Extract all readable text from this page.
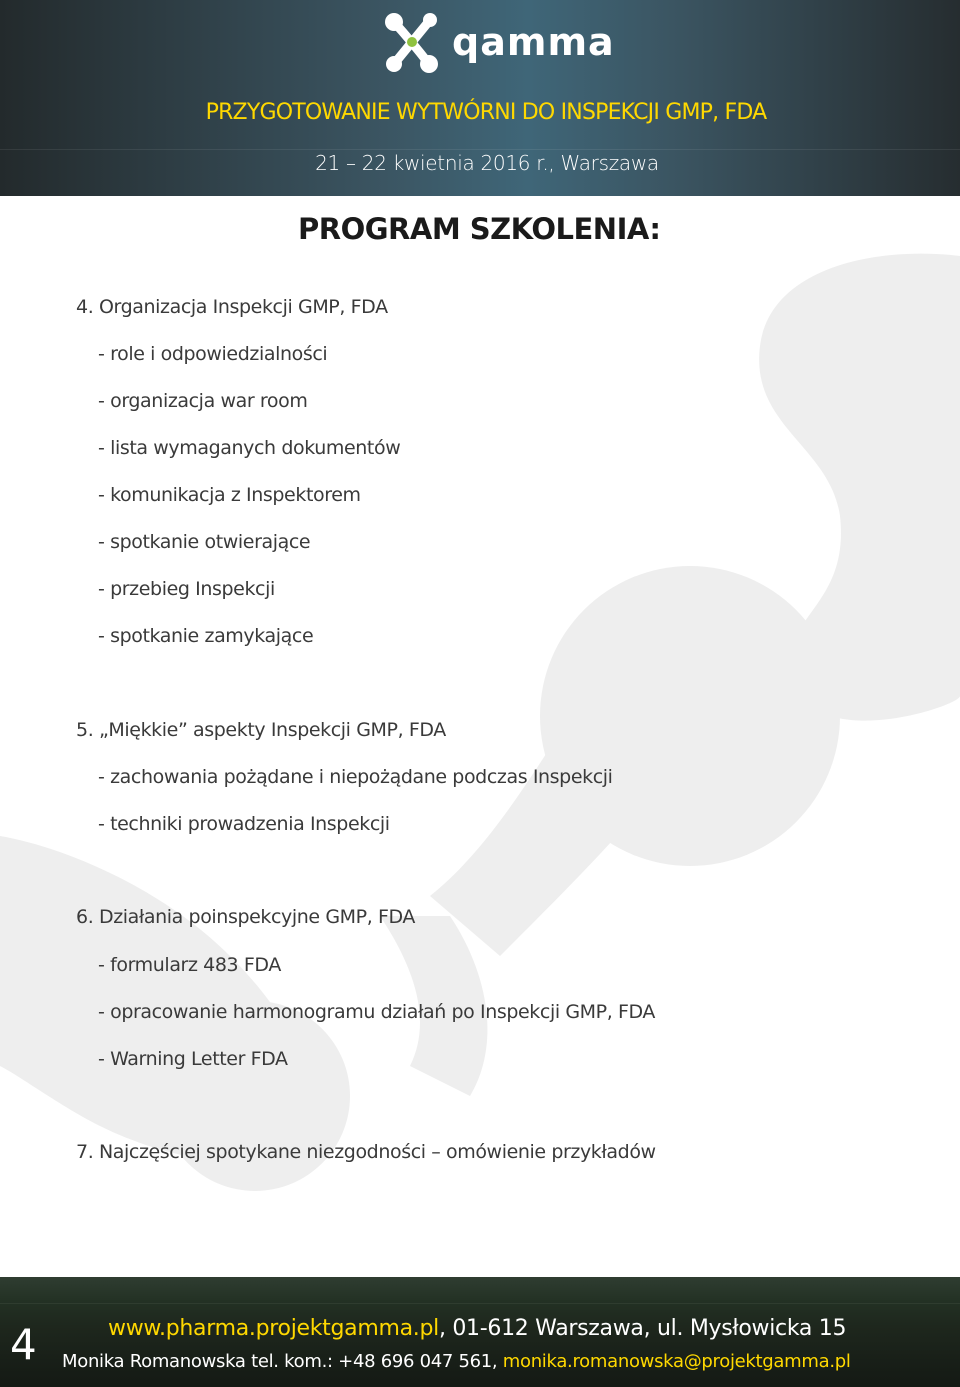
qamma
PRZYGOTOWANIE WYTWÓRNI DO INSPEKCJI GMP, FDA
21 – 22 kwietnia 2016 r., Warszawa
PROGRAM SZKOLENIA:
4. Organizacja Inspekcji GMP, FDA
- role i odpowiedzialności
- organizacja war room
- lista wymaganych dokumentów
- komunikacja z Inspektorem
- spotkanie otwierające
- przebieg Inspekcji
- spotkanie zamykające
5. „Miękkie” aspekty Inspekcji GMP, FDA
- zachowania pożądane i niepożądane podczas Inspekcji
- techniki prowadzenia Inspekcji
6. Działania poinspekcyjne GMP, FDA
- formularz 483 FDA
- opracowanie harmonogramu działań po Inspekcji GMP, FDA
- Warning Letter FDA
7. Najczęściej spotykane niezgodności – omówienie przykładów
4	www.pharma.projektgamma.pl, 01-612 Warszawa, ul. Mysłowicka 15
Monika Romanowska tel. kom.: +48 696 047 561, monika.romanowska@projektgamma.pl
